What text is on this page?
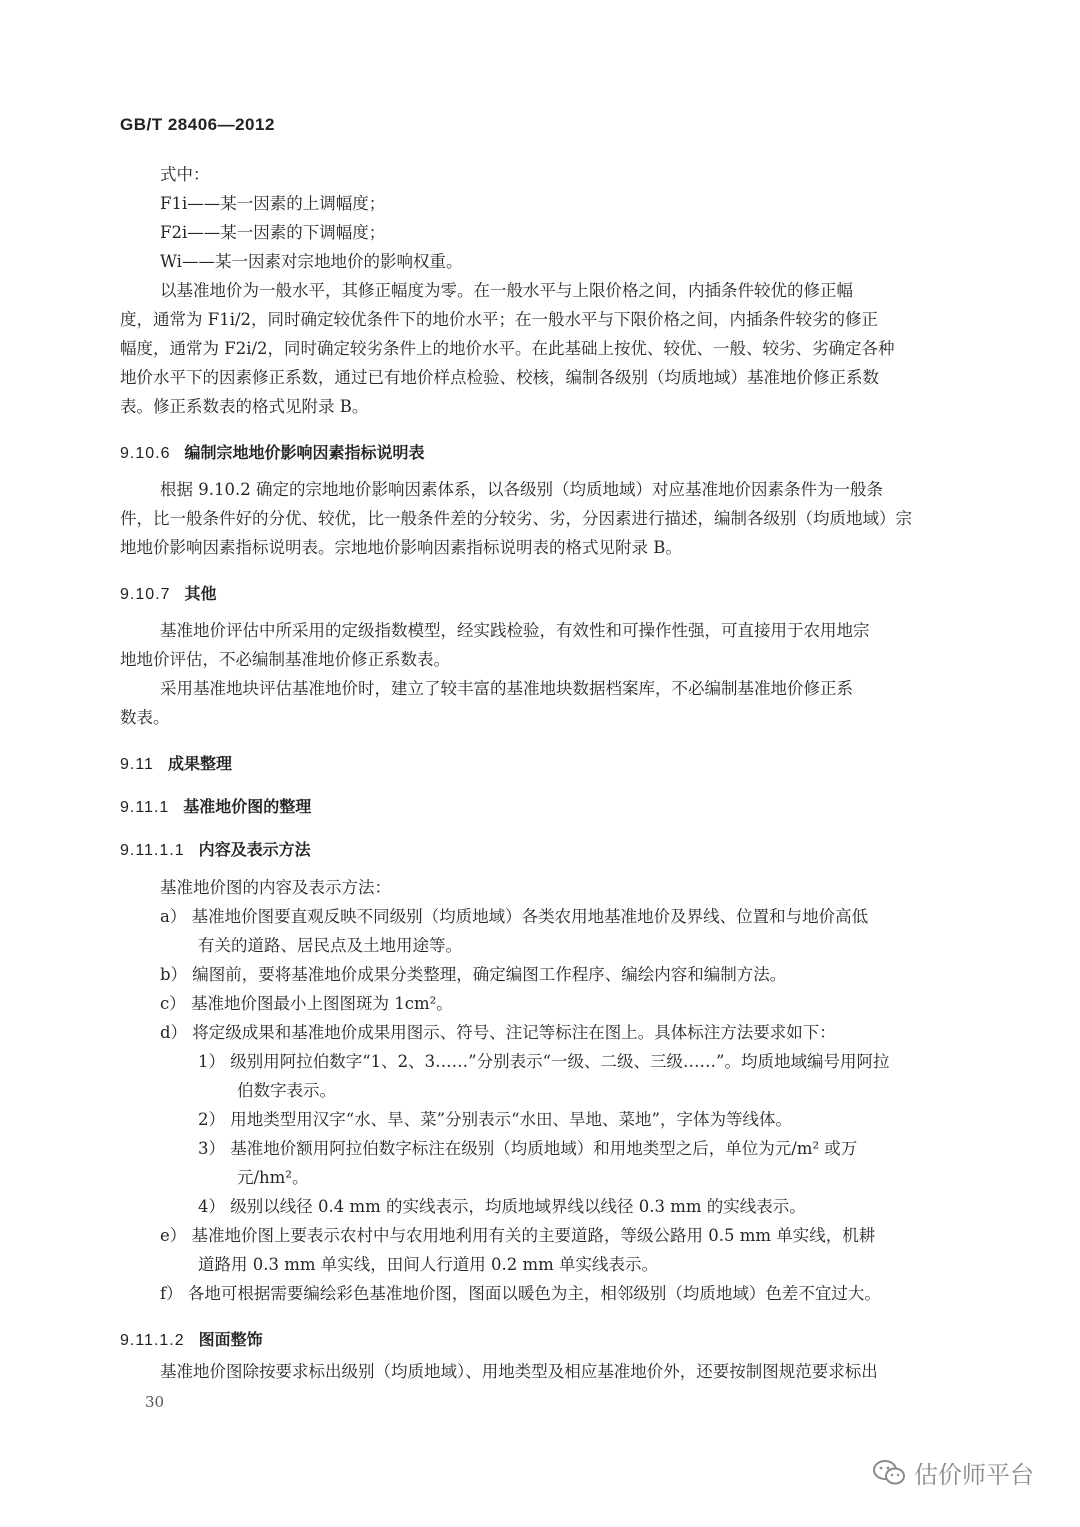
GB/T 28406—2012
式中：
F1i——某一因素的上调幅度；
F2i——某一因素的下调幅度；
Wi——某一因素对宗地地价的影响权重。
以基准地价为一般水平，其修正幅度为零。在一般水平与上限价格之间，内插条件较优的修正幅
度，通常为 F1i/2，同时确定较优条件下的地价水平；在一般水平与下限价格之间，内插条件较劣的修正
幅度，通常为 F2i/2，同时确定较劣条件上的地价水平。在此基础上按优、较优、一般、较劣、劣确定各种
地价水平下的因素修正系数，通过已有地价样点检验、校核，编制各级别（均质地域）基准地价修正系数
表。修正系数表的格式见附录 B。
9.10.6 编制宗地地价影响因素指标说明表
根据 9.10.2 确定的宗地地价影响因素体系，以各级别（均质地域）对应基准地价因素条件为一般条
件，比一般条件好的分优、较优，比一般条件差的分较劣、劣，分因素进行描述，编制各级别（均质地域）宗
地地价影响因素指标说明表。宗地地价影响因素指标说明表的格式见附录 B。
9.10.7 其他
基准地价评估中所采用的定级指数模型，经实践检验，有效性和可操作性强，可直接用于农用地宗
地地价评估，不必编制基准地价修正系数表。
采用基准地块评估基准地价时，建立了较丰富的基准地块数据档案库，不必编制基准地价修正系
数表。
9.11 成果整理
9.11.1 基准地价图的整理
9.11.1.1 内容及表示方法
基准地价图的内容及表示方法：
a） 基准地价图要直观反映不同级别（均质地域）各类农用地基准地价及界线、位置和与地价高低
有关的道路、居民点及土地用途等。
b） 编图前，要将基准地价成果分类整理，确定编图工作程序、编绘内容和编制方法。
c） 基准地价图最小上图图斑为 1cm²。
d） 将定级成果和基准地价成果用图示、符号、注记等标注在图上。具体标注方法要求如下：
1） 级别用阿拉伯数字“1、2、3……”分别表示“一级、二级、三级……”。均质地域编号用阿拉
伯数字表示。
2） 用地类型用汉字“水、旱、菜”分别表示“水田、旱地、菜地”，字体为等线体。
3） 基准地价额用阿拉伯数字标注在级别（均质地域）和用地类型之后，单位为元/m² 或万
元/hm²。
4） 级别以线径 0.4 mm 的实线表示，均质地域界线以线径 0.3 mm 的实线表示。
e） 基准地价图上要表示农村中与农用地利用有关的主要道路，等级公路用 0.5 mm 单实线，机耕
道路用 0.3 mm 单实线，田间人行道用 0.2 mm 单实线表示。
f） 各地可根据需要编绘彩色基准地价图，图面以暖色为主，相邻级别（均质地域）色差不宜过大。
9.11.1.2 图面整饰
基准地价图除按要求标出级别（均质地域）、用地类型及相应基准地价外，还要按制图规范要求标出
30
估价师平台
